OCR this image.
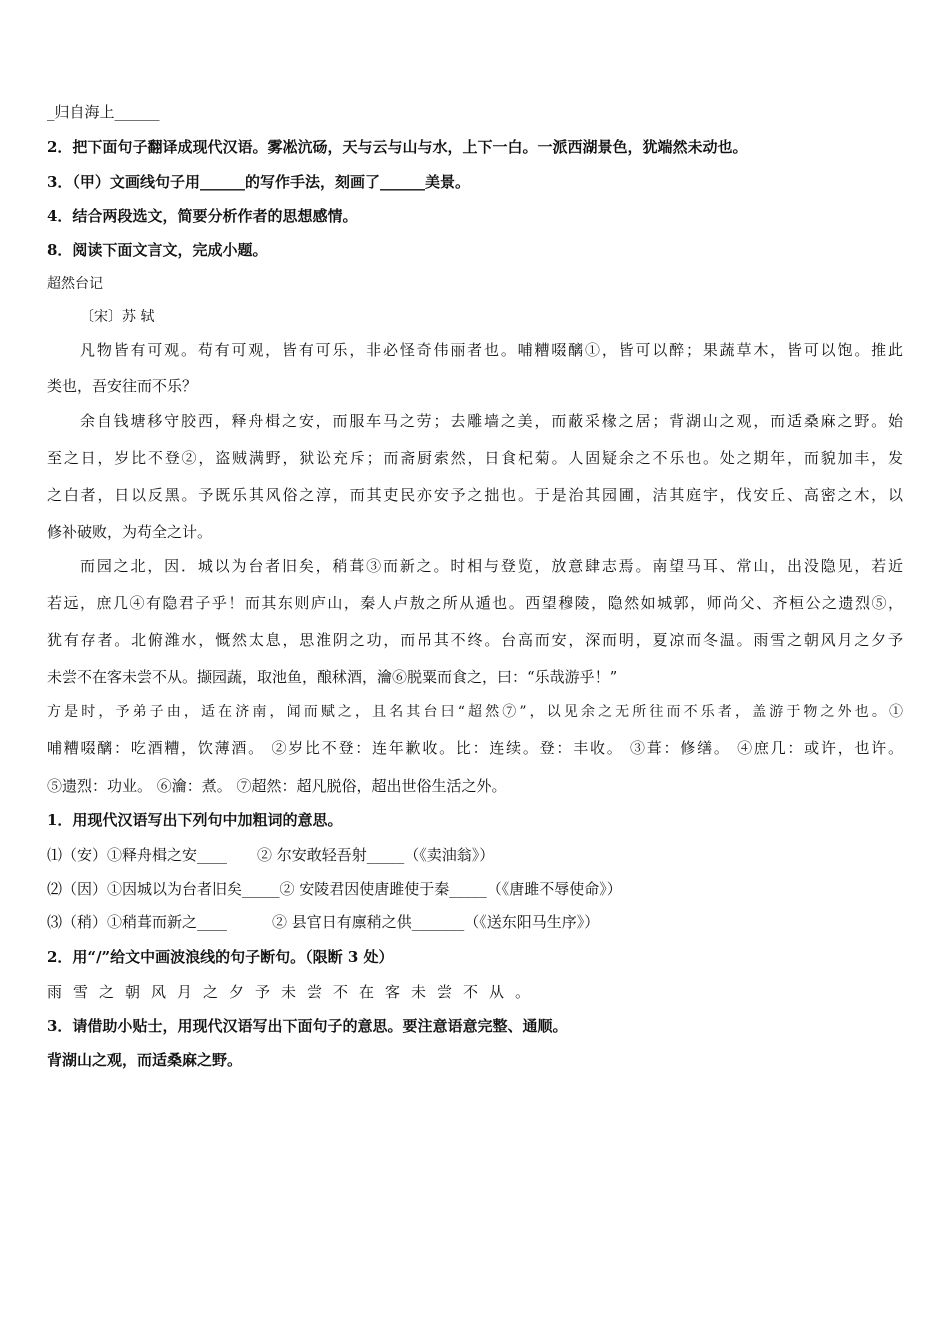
_归自海上______
2．把下面句子翻译成现代汉语。雾凇沆砀，天与云与山与水，上下一白。一派西湖景色，犹端然未动也。
3．（甲）文画线句子用______的写作手法，刻画了______美景。
4．结合两段选文，简要分析作者的思想感情。
8．阅读下面文言文，完成小题。
超然台记
〔宋〕苏 轼
凡物皆有可观。苟有可观，皆有可乐，非必怪奇伟丽者也。哺糟啜醨①，皆可以醉；果蔬草木，皆可以饱。推此
类也，吾安往而不乐？
余自钱塘移守胶西，释舟楫之安，而服车马之劳；去雕墙之美，而蔽采椽之居；背湖山之观，而适桑麻之野。始
至之日，岁比不登②，盗贼满野，狱讼充斥；而斋厨索然，日食杞菊。人固疑余之不乐也。处之期年，而貌加丰，发
之白者，日以反黑。予既乐其风俗之淳，而其吏民亦安予之拙也。于是治其园圃，洁其庭宇，伐安丘、高密之木，以
修补破败，为苟全之计。
而园之北，因．城以为台者旧矣，稍葺③而新之。时相与登览，放意肆志焉。南望马耳、常山，出没隐见，若近
若远，庶几④有隐君子乎！而其东则庐山，秦人卢敖之所从遁也。西望穆陵，隐然如城郭，师尚父、齐桓公之遗烈⑤，
犹有存者。北俯潍水，慨然太息，思淮阴之功，而吊其不终。台高而安，深而明，夏凉而冬温。雨雪之朝风月之夕予
未尝不在客未尝不从。撷园蔬，取池鱼，酿秫酒，瀹⑥脱粟而食之，曰：“乐哉游乎！”
方是时，予弟子由，适在济南，闻而赋之，且名其台曰“超然⑦”，以见余之无所往而不乐者，盖游于物之外也。①
哺糟啜醨：吃酒糟，饮薄酒。 ②岁比不登：连年歉收。比：连续。登：丰收。 ③葺：修缮。 ④庶几：或许，也许。
⑤遗烈：功业。 ⑥瀹：煮。 ⑦超然：超凡脱俗，超出世俗生活之外。
1．用现代汉语写出下列句中加粗词的意思。
⑴（安）①释舟楫之安____　　② 尔安敢轻吾射_____（《卖油翁》）
⑵（因）①因城以为台者旧矣_____② 安陵君因使唐雎使于秦_____（《唐雎不辱使命》）
⑶（稍）①稍葺而新之____　　　② 县官日有廪稍之供_______（《送东阳马生序》）
2．用“/”给文中画波浪线的句子断句。（限断 3 处）
雨雪之朝风月之夕予未尝不在客未尝不从。
3．请借助小贴士，用现代汉语写出下面句子的意思。要注意语意完整、通顺。
背湖山之观，而适桑麻之野。
